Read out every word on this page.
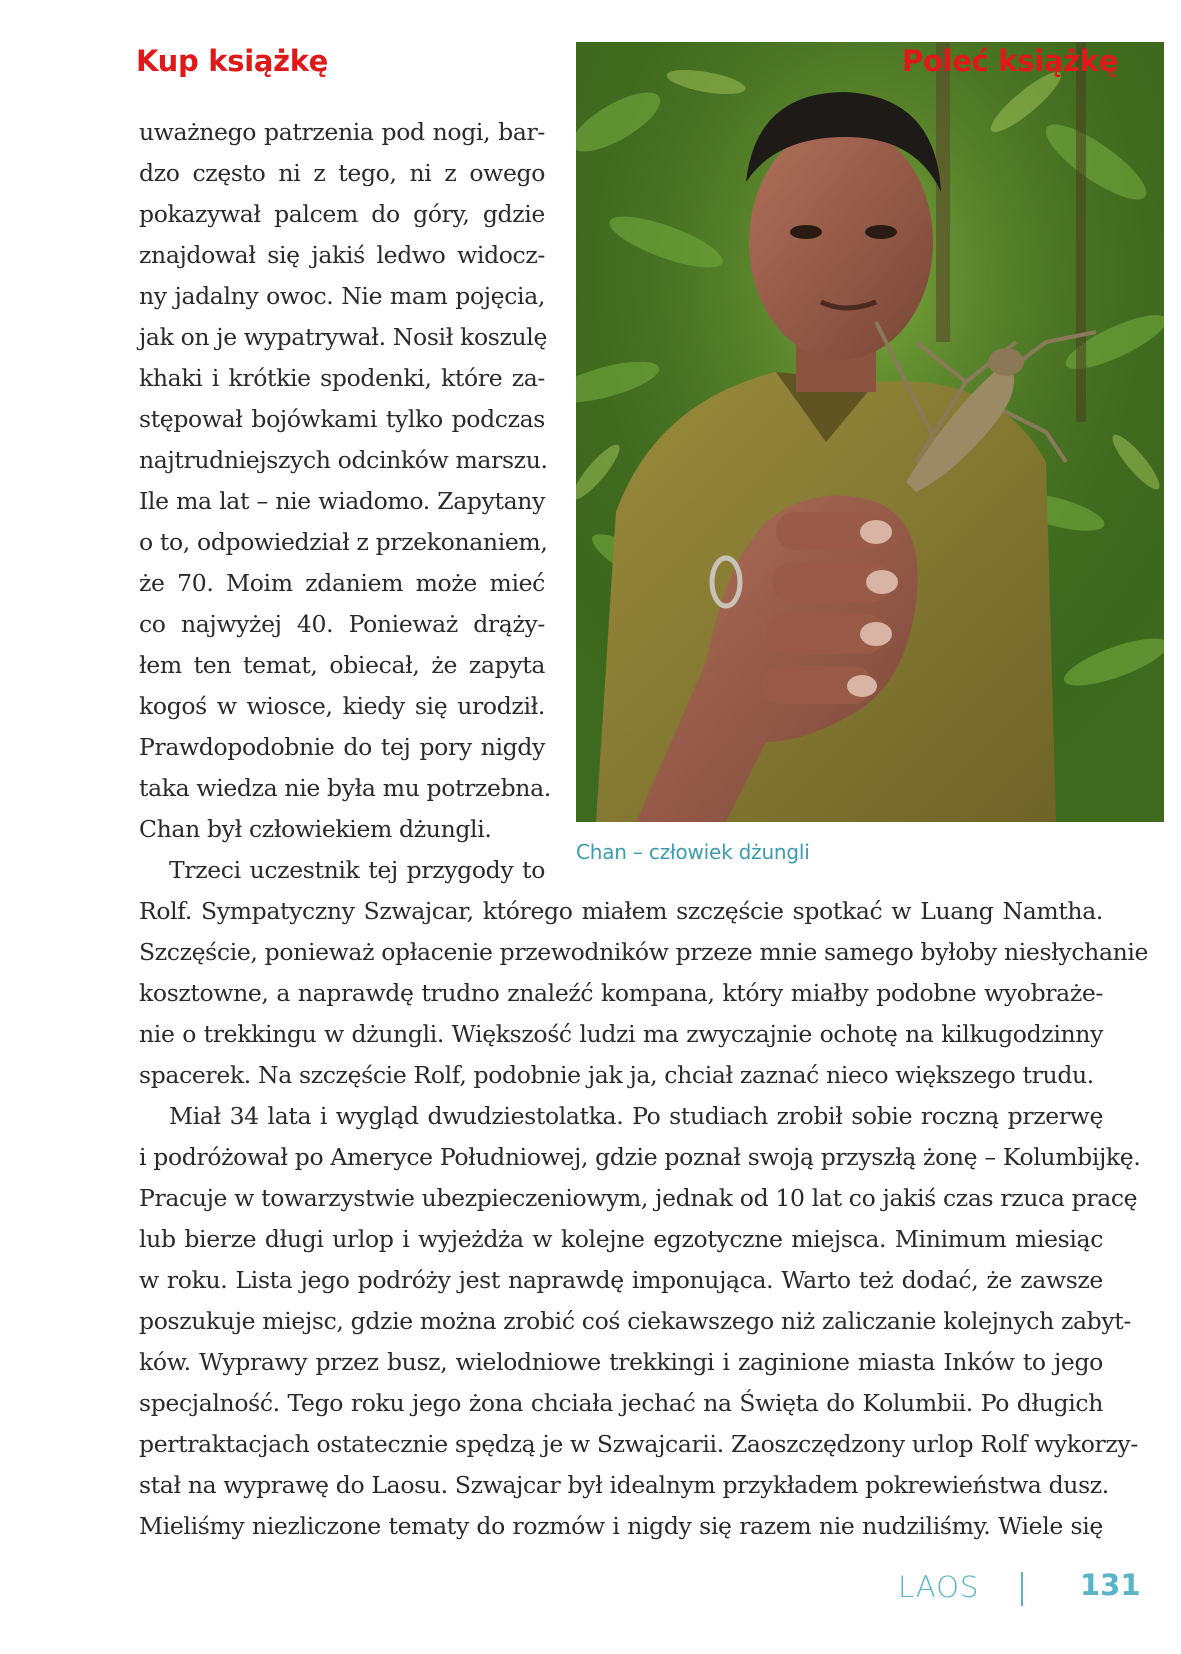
Kup książkę	Poleć książkę
Chan – człowiek dżungli
uważnego patrzenia pod nogi, bar-
dzo często ni z tego, ni z owego
pokazywał palcem do góry, gdzie
znajdował się jakiś ledwo widocz-
ny jadalny owoc. Nie mam pojęcia,
jak on je wypatrywał. Nosił koszulę
khaki i krótkie spodenki, które za-
stępował bojówkami tylko podczas
najtrudniejszych odcinków marszu.
Ile ma lat – nie wiadomo. Zapytany
o to, odpowiedział z przekonaniem,
że 70. Moim zdaniem może mieć
co najwyżej 40. Ponieważ drąży-
łem ten temat, obiecał, że zapyta
kogoś w wiosce, kiedy się urodził.
Prawdopodobnie do tej pory nigdy
taka wiedza nie była mu potrzebna.
Chan był człowiekiem dżungli.
Trzeci uczestnik tej przygody to
Rolf. Sympatyczny Szwajcar, którego miałem szczęście spotkać w Luang Namtha.
Szczęście, ponieważ opłacenie przewodników przeze mnie samego byłoby niesłychanie
kosztowne, a naprawdę trudno znaleźć kompana, który miałby podobne wyobraże-
nie o trekkingu w dżungli. Większość ludzi ma zwyczajnie ochotę na kilkugodzinny
spacerek. Na szczęście Rolf, podobnie jak ja, chciał zaznać nieco większego trudu.
Miał 34 lata i wygląd dwudziestolatka. Po studiach zrobił sobie roczną przerwę
i podróżował po Ameryce Południowej, gdzie poznał swoją przyszłą żonę – Kolumbijkę.
Pracuje w towarzystwie ubezpieczeniowym, jednak od 10 lat co jakiś czas rzuca pracę
lub bierze długi urlop i wyjeżdża w kolejne egzotyczne miejsca. Minimum miesiąc
w roku. Lista jego podróży jest naprawdę imponująca. Warto też dodać, że zawsze
poszukuje miejsc, gdzie można zrobić coś ciekawszego niż zaliczanie kolejnych zabyt-
ków. Wyprawy przez busz, wielodniowe trekkingi i zaginione miasta Inków to jego
specjalność. Tego roku jego żona chciała jechać na Święta do Kolumbii. Po długich
pertraktacjach ostatecznie spędzą je w Szwajcarii. Zaoszczędzony urlop Rolf wykorzy-
stał na wyprawę do Laosu. Szwajcar był idealnym przykładem pokrewieństwa dusz.
Mieliśmy niezliczone tematy do rozmów i nigdy się razem nie nudziliśmy. Wiele się
LAOS	131
